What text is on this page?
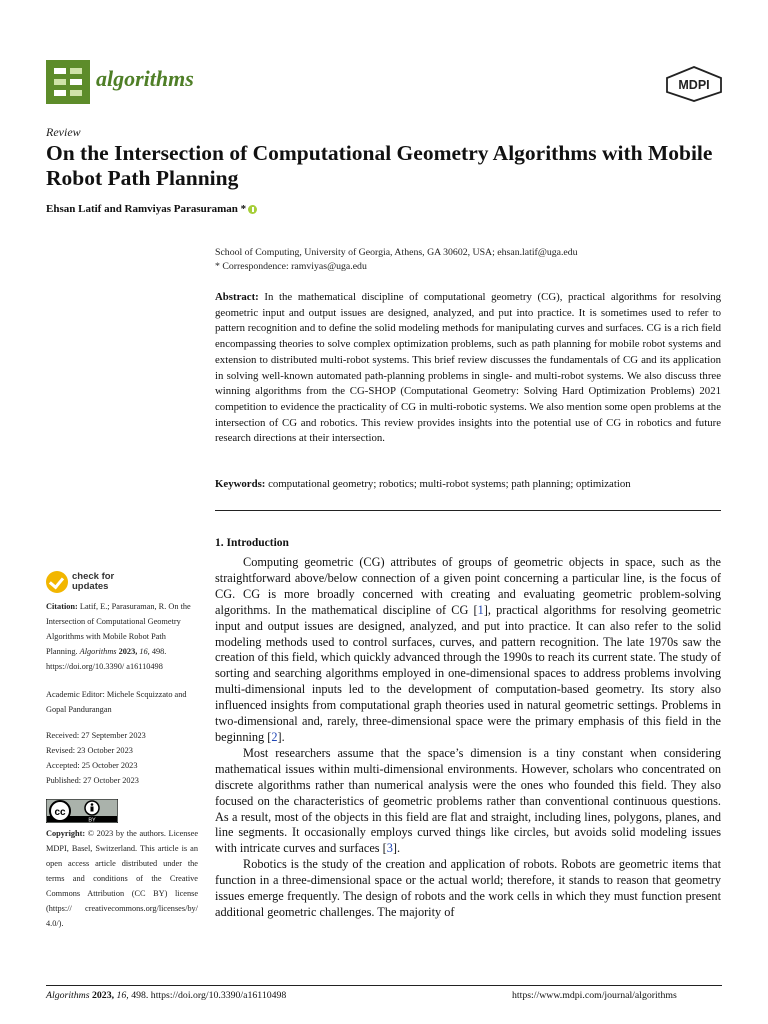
algorithms	MDPI
Review
On the Intersection of Computational Geometry Algorithms with Mobile Robot Path Planning
Ehsan Latif and Ramviyas Parasuraman *
School of Computing, University of Georgia, Athens, GA 30602, USA; ehsan.latif@uga.edu
* Correspondence: ramviyas@uga.edu
Abstract: In the mathematical discipline of computational geometry (CG), practical algorithms for resolving geometric input and output issues are designed, analyzed, and put into practice. It is sometimes used to refer to pattern recognition and to define the solid modeling methods for manipulating curves and surfaces. CG is a rich field encompassing theories to solve complex optimization problems, such as path planning for mobile robot systems and extension to distributed multi-robot systems. This brief review discusses the fundamentals of CG and its application in solving well-known automated path-planning problems in single- and multi-robot systems. We also discuss three winning algorithms from the CG-SHOP (Computational Geometry: Solving Hard Optimization Problems) 2021 competition to evidence the practicality of CG in multi-robotic systems. We also mention some open problems at the intersection of CG and robotics. This review provides insights into the potential use of CG in robotics and future research directions at their intersection.
Keywords: computational geometry; robotics; multi-robot systems; path planning; optimization
1. Introduction

Computing geometric (CG) attributes of groups of geometric objects in space, such as the straightforward above/below connection of a given point concerning a particular line, is the focus of CG. CG is more broadly concerned with creating and evaluating geometric problem-solving algorithms. In the mathematical discipline of CG [1], practical algorithms for resolving geometric input and output issues are designed, analyzed, and put into practice. It can also refer to the solid modeling methods used to control surfaces, curves, and pattern recognition. The late 1970s saw the creation of this field, which quickly advanced through the 1990s to reach its current state. The study of sorting and searching algorithms employed in one-dimensional spaces to address problems involving multi-dimensional inputs led to the development of computation-based geometry. Its story also influenced insights from computational graph theories used in natural geometric settings. Problems in two-dimensional and, rarely, three-dimensional space were the primary emphasis of this field in the beginning [2].

Most researchers assume that the space’s dimension is a tiny constant when considering mathematical issues within multi-dimensional environments. However, scholars who concentrated on discrete algorithms rather than numerical analysis were the ones who founded this field. They also focused on the characteristics of geometric problems rather than conventional continuous questions. As a result, most of the objects in this field are flat and straight, including lines, polygons, planes, and line segments. It occasionally employs curved things like circles, but avoids solid modeling issues with intricate curves and surfaces [3].

Robotics is the study of the creation and application of robots. Robots are geometric items that function in a three-dimensional space or the actual world; therefore, it stands to reason that geometry issues emerge frequently. The design of robots and the work cells in which they must function present additional geometric challenges. The majority of

check for
updates
Citation: Latif, E.; Parasuraman, R. On the Intersection of Computational Geometry Algorithms with Mobile Robot Path Planning. Algorithms 2023, 16, 498. https://doi.org/10.3390/ a16110498
Academic Editor: Michele Scquizzato and Gopal Pandurangan
Received: 27 September 2023
Revised: 23 October 2023
Accepted: 25 October 2023
Published: 27 October 2023
cc
BY
Copyright: © 2023 by the authors. Licensee MDPI, Basel, Switzerland. This article is an open access article distributed under the terms and conditions of the Creative Commons Attribution (CC BY) license (https:// creativecommons.org/licenses/by/ 4.0/).
Algorithms 2023, 16, 498. https://doi.org/10.3390/a16110498	https://www.mdpi.com/journal/algorithms
